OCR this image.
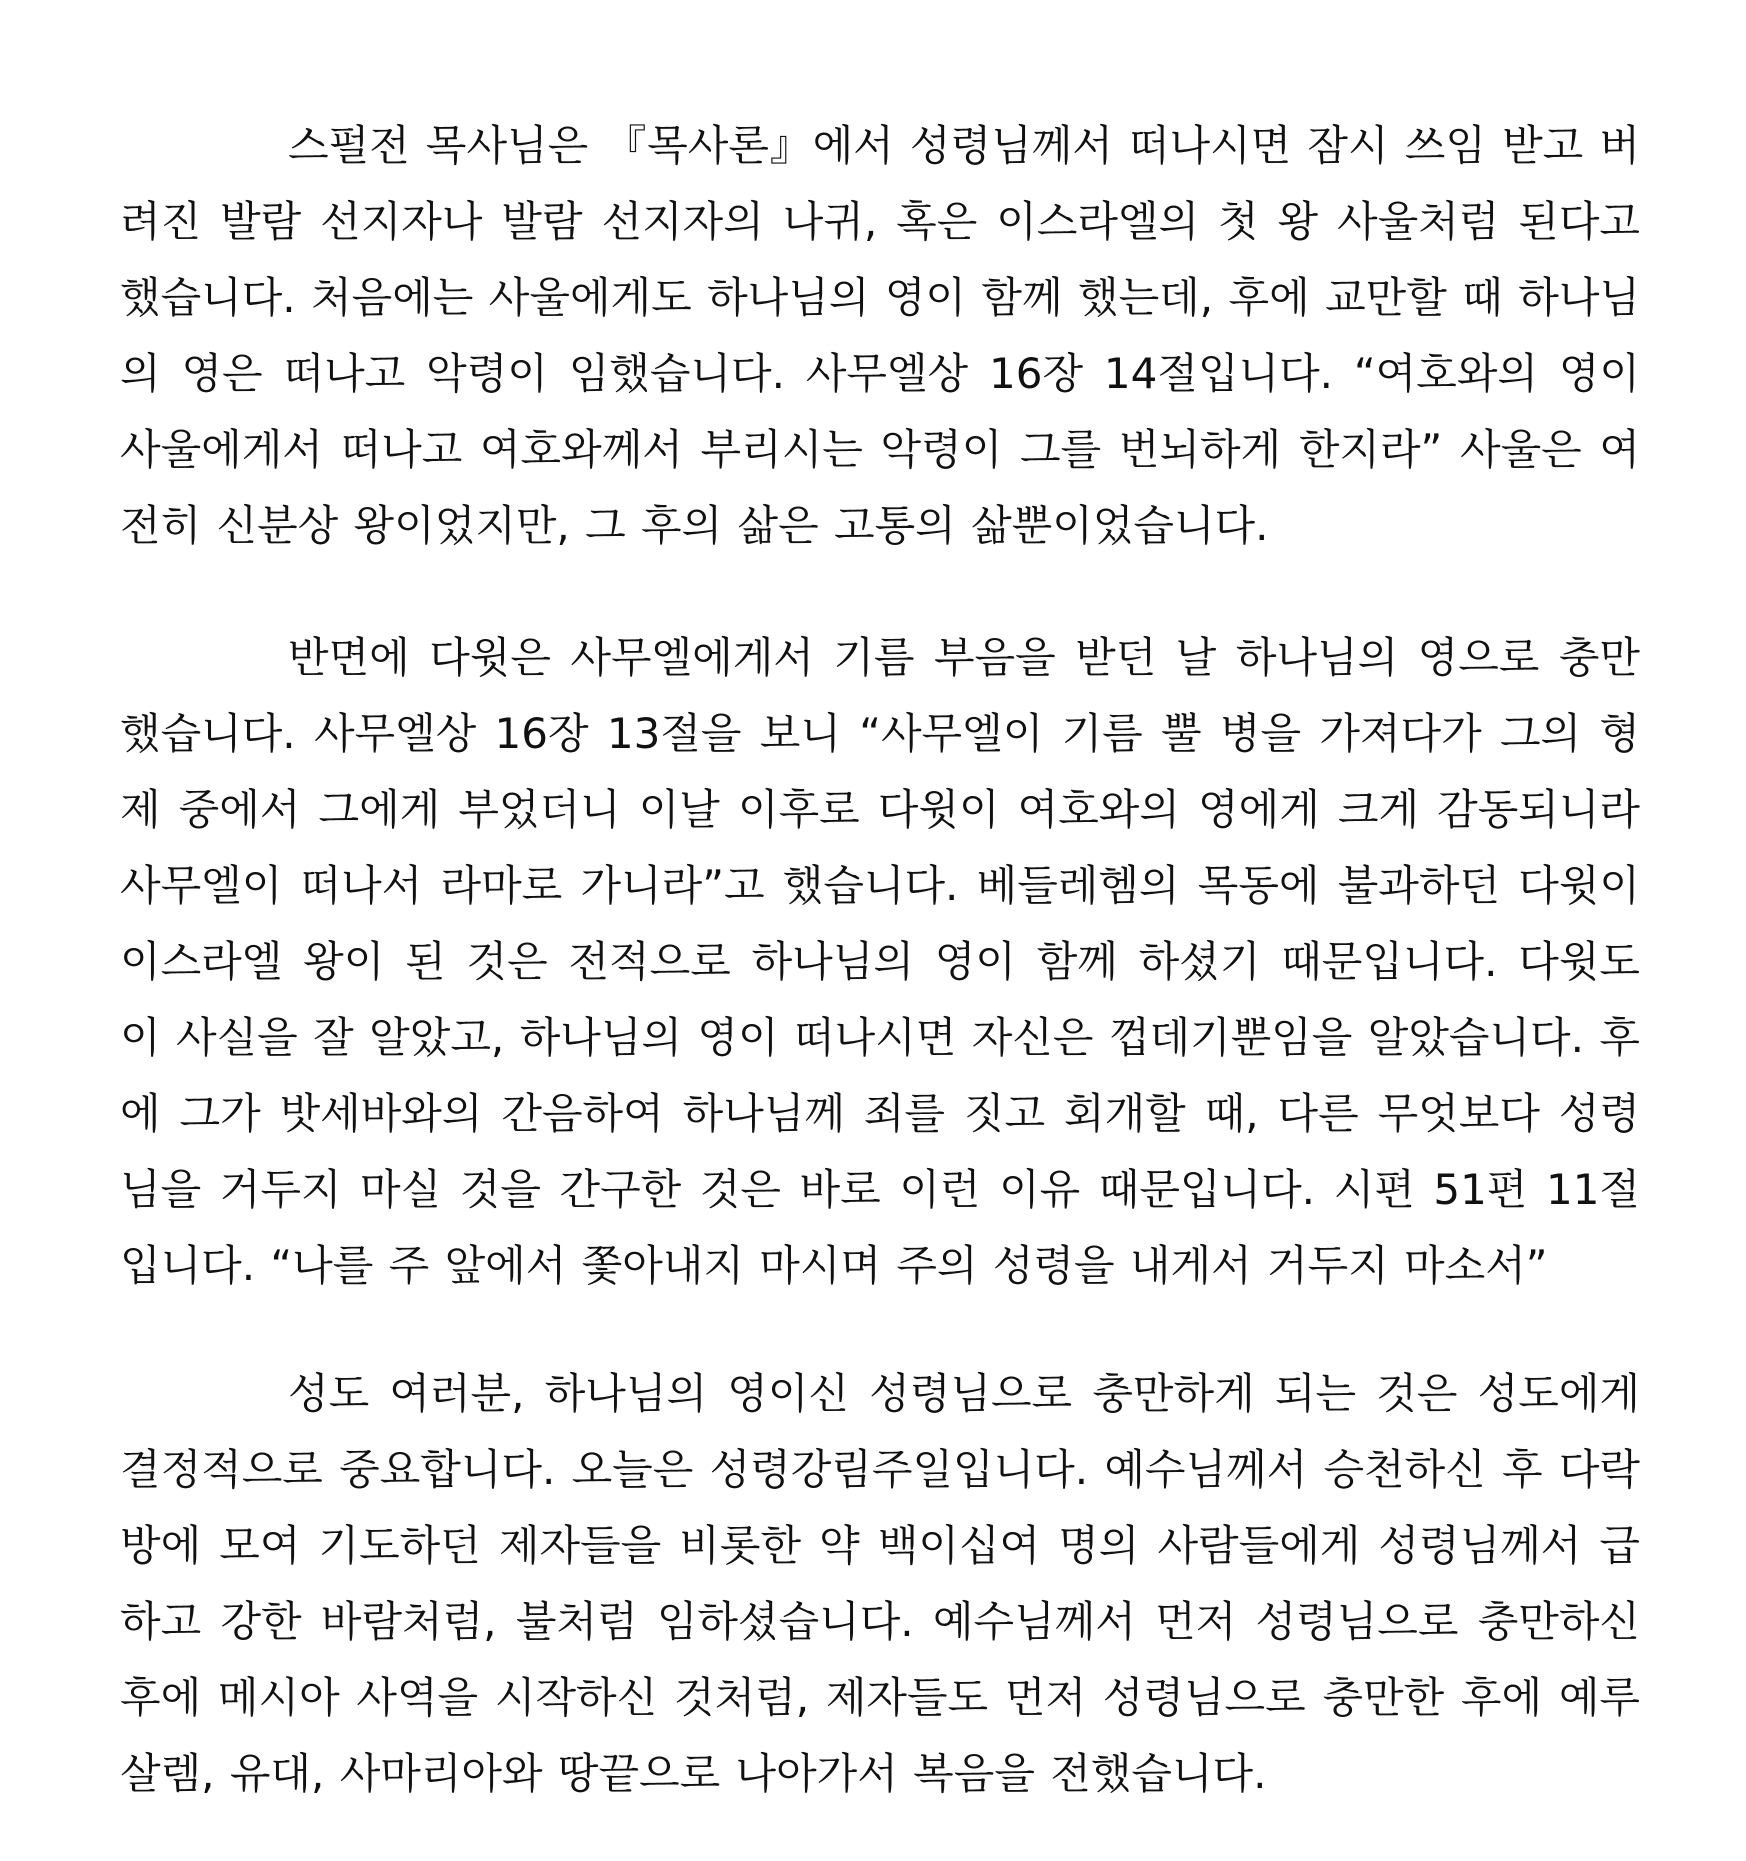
스펄전 목사님은 『목사론』에서 성령님께서 떠나시면 잠시 쓰임 받고 버려진 발람 선지자나 발람 선지자의 나귀, 혹은 이스라엘의 첫 왕 사울처럼 된다고 했습니다. 처음에는 사울에게도 하나님의 영이 함께 했는데, 후에 교만할 때 하나님의 영은 떠나고 악령이 임했습니다. 사무엘상 16장 14절입니다. “여호와의 영이 사울에게서 떠나고 여호와께서 부리시는 악령이 그를 번뇌하게 한지라” 사울은 여전히 신분상 왕이었지만, 그 후의 삶은 고통의 삶뿐이었습니다.

반면에 다윗은 사무엘에게서 기름 부음을 받던 날 하나님의 영으로 충만했습니다. 사무엘상 16장 13절을 보니 “사무엘이 기름 뿔 병을 가져다가 그의 형제 중에서 그에게 부었더니 이날 이후로 다윗이 여호와의 영에게 크게 감동되니라 사무엘이 떠나서 라마로 가니라”고 했습니다. 베들레헴의 목동에 불과하던 다윗이 이스라엘 왕이 된 것은 전적으로 하나님의 영이 함께 하셨기 때문입니다. 다윗도 이 사실을 잘 알았고, 하나님의 영이 떠나시면 자신은 껍데기뿐임을 알았습니다. 후에 그가 밧세바와의 간음하여 하나님께 죄를 짓고 회개할 때, 다른 무엇보다 성령님을 거두지 마실 것을 간구한 것은 바로 이런 이유 때문입니다. 시편 51편 11절입니다. “나를 주 앞에서 쫓아내지 마시며 주의 성령을 내게서 거두지 마소서”

성도 여러분, 하나님의 영이신 성령님으로 충만하게 되는 것은 성도에게 결정적으로 중요합니다. 오늘은 성령강림주일입니다. 예수님께서 승천하신 후 다락방에 모여 기도하던 제자들을 비롯한 약 백이십여 명의 사람들에게 성령님께서 급하고 강한 바람처럼, 불처럼 임하셨습니다. 예수님께서 먼저 성령님으로 충만하신 후에 메시아 사역을 시작하신 것처럼, 제자들도 먼저 성령님으로 충만한 후에 예루살렘, 유대, 사마리아와 땅끝으로 나아가서 복음을 전했습니다.
